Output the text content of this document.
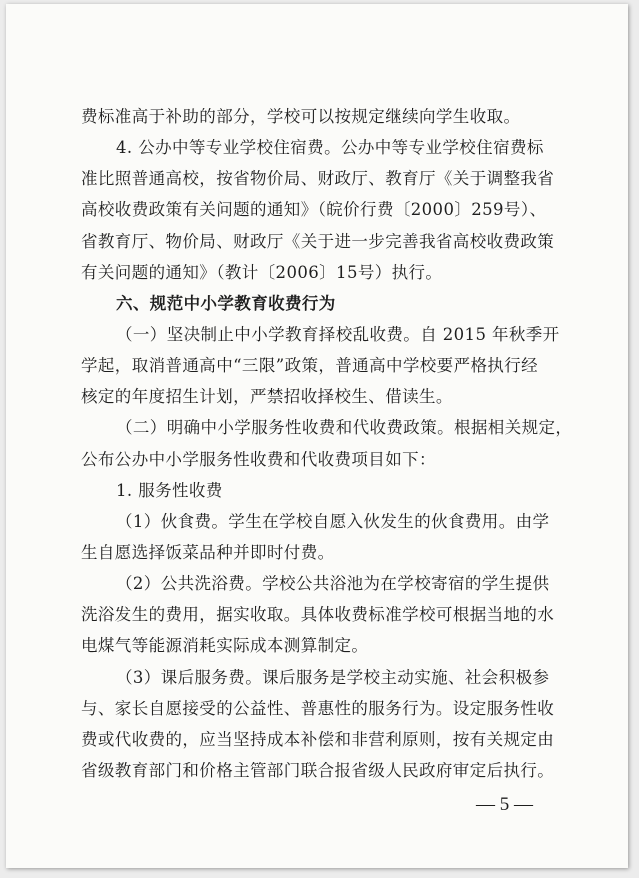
费标准高于补助的部分，学校可以按规定继续向学生收取。
4. 公办中等专业学校住宿费。公办中等专业学校住宿费标
准比照普通高校，按省物价局、财政厅、教育厅《关于调整我省
高校收费政策有关问题的通知》（皖价行费〔2000〕259号）、
省教育厅、物价局、财政厅《关于进一步完善我省高校收费政策
有关问题的通知》（教计〔2006〕15号）执行。
六、规范中小学教育收费行为
（一）坚决制止中小学教育择校乱收费。自 2015 年秋季开
学起，取消普通高中“三限”政策，普通高中学校要严格执行经
核定的年度招生计划，严禁招收择校生、借读生。
（二）明确中小学服务性收费和代收费政策。根据相关规定，
公布公办中小学服务性收费和代收费项目如下：
1. 服务性收费
（1）伙食费。学生在学校自愿入伙发生的伙食费用。由学
生自愿选择饭菜品种并即时付费。
（2）公共洗浴费。学校公共浴池为在学校寄宿的学生提供
洗浴发生的费用，据实收取。具体收费标准学校可根据当地的水
电煤气等能源消耗实际成本测算制定。
（3）课后服务费。课后服务是学校主动实施、社会积极参
与、家长自愿接受的公益性、普惠性的服务行为。设定服务性收
费或代收费的，应当坚持成本补偿和非营利原则，按有关规定由
省级教育部门和价格主管部门联合报省级人民政府审定后执行。
— 5 —
